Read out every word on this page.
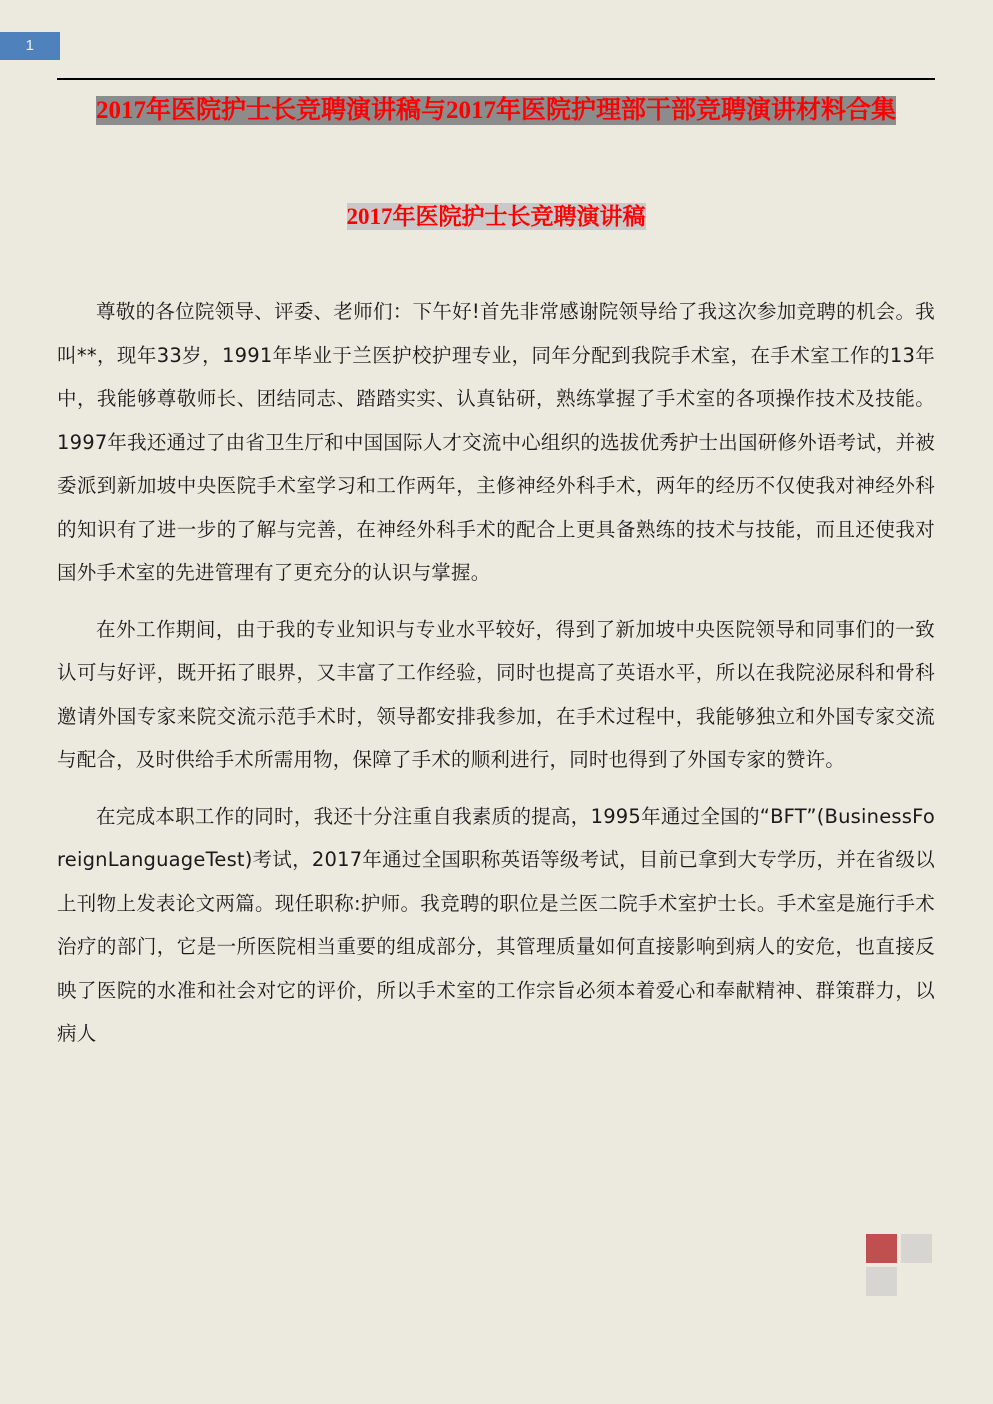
1
2017年医院护士长竞聘演讲稿与2017年医院护理部干部竞聘演讲材料合集
2017年医院护士长竞聘演讲稿

尊敬的各位院领导、评委、老师们：下午好!首先非常感谢院领导给了我这次参加竞聘的机会。我叫**，现年33岁，1991年毕业于兰医护校护理专业，同年分配到我院手术室，在手术室工作的13年中，我能够尊敬师长、团结同志、踏踏实实、认真钻研，熟练掌握了手术室的各项操作技术及技能。1997年我还通过了由省卫生厅和中国国际人才交流中心组织的选拔优秀护士出国研修外语考试，并被委派到新加坡中央医院手术室学习和工作两年，主修神经外科手术，两年的经历不仅使我对神经外科的知识有了进一步的了解与完善，在神经外科手术的配合上更具备熟练的技术与技能，而且还使我对国外手术室的先进管理有了更充分的认识与掌握。

在外工作期间，由于我的专业知识与专业水平较好，得到了新加坡中央医院领导和同事们的一致认可与好评，既开拓了眼界，又丰富了工作经验，同时也提高了英语水平，所以在我院泌尿科和骨科邀请外国专家来院交流示范手术时，领导都安排我参加，在手术过程中，我能够独立和外国专家交流与配合，及时供给手术所需用物，保障了手术的顺利进行，同时也得到了外国专家的赞许。

在完成本职工作的同时，我还十分注重自我素质的提高，1995年通过全国的“BFT”(BusinessForeignLanguageTest)考试，2017年通过全国职称英语等级考试，目前已拿到大专学历，并在省级以上刊物上发表论文两篇。现任职称:护师。我竞聘的职位是兰医二院手术室护士长。手术室是施行手术治疗的部门，它是一所医院相当重要的组成部分，其管理质量如何直接影响到病人的安危，也直接反映了医院的水准和社会对它的评价，所以手术室的工作宗旨必须本着爱心和奉献精神、群策群力，以病人
